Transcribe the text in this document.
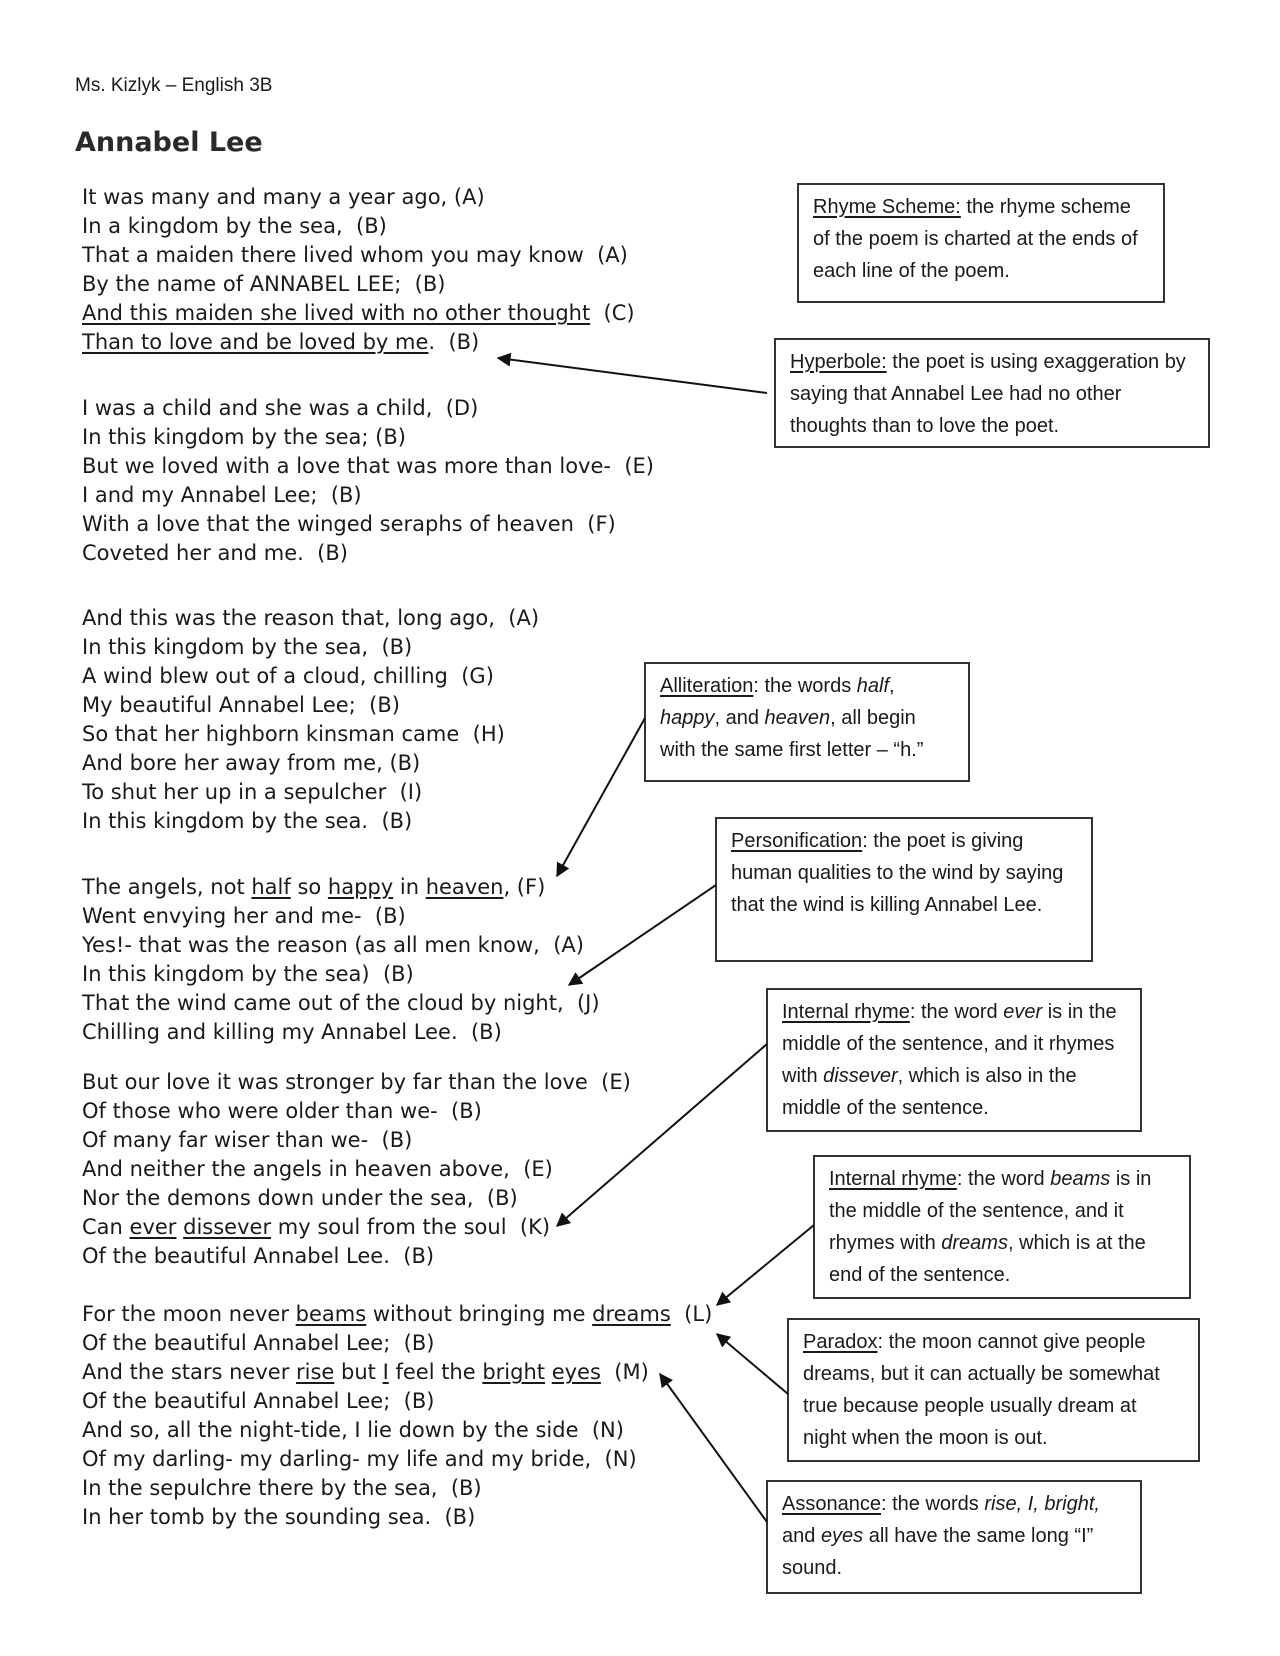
Ms. Kizlyk – English 3B
Annabel Lee
It was many and many a year ago, (A)
In a kingdom by the sea,  (B)
That a maiden there lived whom you may know  (A)
By the name of ANNABEL LEE;  (B)
And this maiden she lived with no other thought  (C)
Than to love and be loved by me.  (B)
I was a child and she was a child,  (D)
In this kingdom by the sea; (B)
But we loved with a love that was more than love-  (E)
I and my Annabel Lee;  (B)
With a love that the winged seraphs of heaven  (F)
Coveted her and me.  (B)
And this was the reason that, long ago,  (A)
In this kingdom by the sea,  (B)
A wind blew out of a cloud, chilling  (G)
My beautiful Annabel Lee;  (B)
So that her highborn kinsman came  (H)
And bore her away from me, (B)
To shut her up in a sepulcher  (I)
In this kingdom by the sea.  (B)
The angels, not half so happy in heaven, (F)
Went envying her and me-  (B)
Yes!- that was the reason (as all men know,  (A)
In this kingdom by the sea)  (B)
That the wind came out of the cloud by night,  (J)
Chilling and killing my Annabel Lee.  (B)
But our love it was stronger by far than the love  (E)
Of those who were older than we-  (B)
Of many far wiser than we-  (B)
And neither the angels in heaven above,  (E)
Nor the demons down under the sea,  (B)
Can ever dissever my soul from the soul  (K)
Of the beautiful Annabel Lee.  (B)
For the moon never beams without bringing me dreams  (L)
Of the beautiful Annabel Lee;  (B)
And the stars never rise but I feel the bright eyes  (M)
Of the beautiful Annabel Lee;  (B)
And so, all the night-tide, I lie down by the side  (N)
Of my darling- my darling- my life and my bride,  (N)
In the sepulchre there by the sea,  (B)
In her tomb by the sounding sea.  (B)
Rhyme Scheme: the rhyme scheme of the poem is charted at the ends of each line of the poem.
Hyperbole: the poet is using exaggeration by saying that Annabel Lee had no other thoughts than to love the poet.
Alliteration: the words half, happy, and heaven, all begin with the same first letter – “h.”
Personification: the poet is giving human qualities to the wind by saying that the wind is killing Annabel Lee.
Internal rhyme: the word ever is in the middle of the sentence, and it rhymes with dissever, which is also in the middle of the sentence.
Internal rhyme: the word beams is in the middle of the sentence, and it rhymes with dreams, which is at the end of the sentence.
Paradox: the moon cannot give people dreams, but it can actually be somewhat true because people usually dream at night when the moon is out.
Assonance: the words rise, I, bright, and eyes all have the same long “I” sound.
